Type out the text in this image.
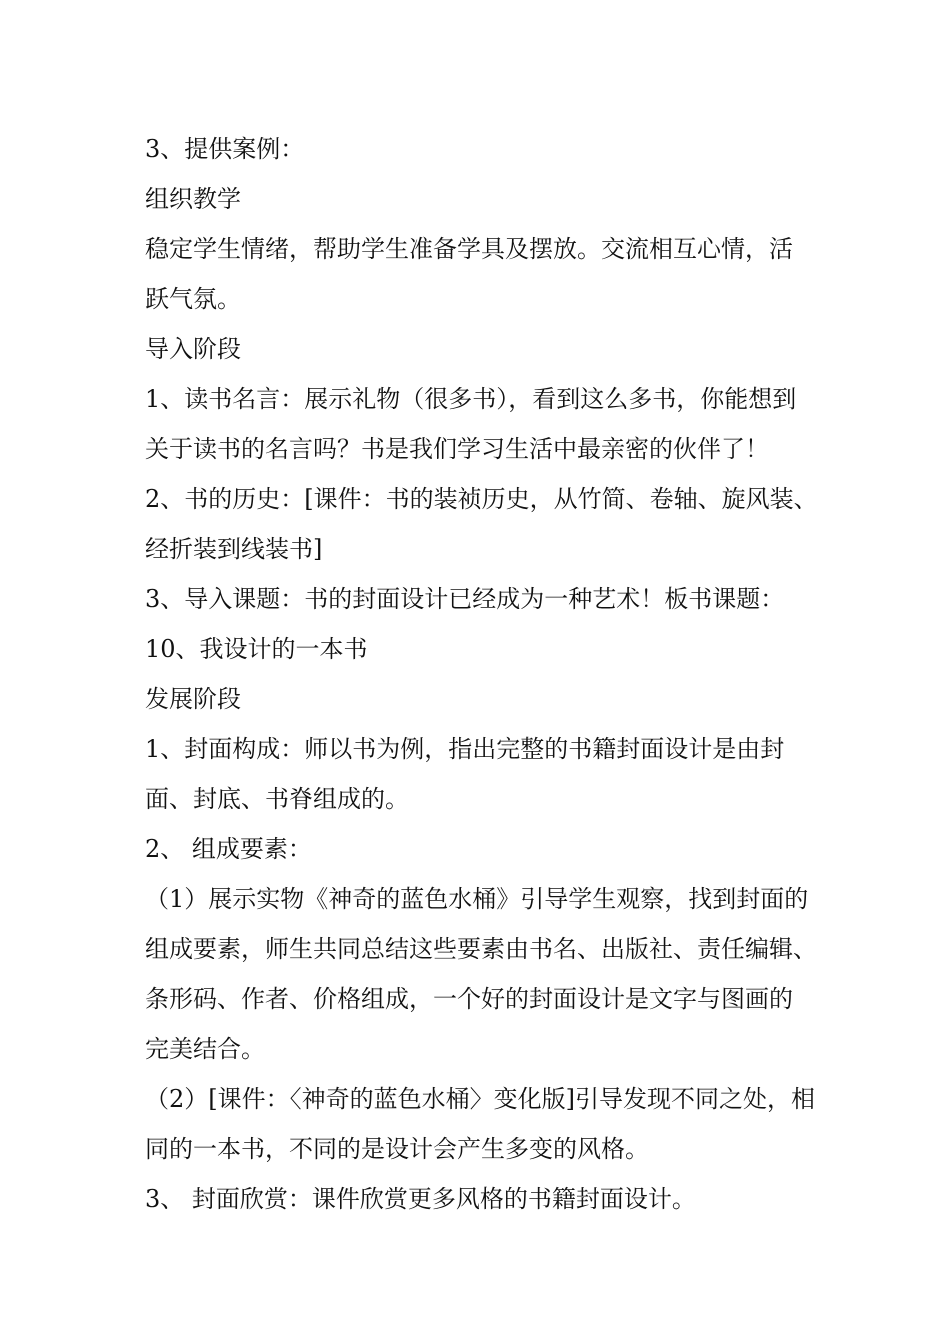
3、提供案例：
组织教学
稳定学生情绪，帮助学生准备学具及摆放。交流相互心情，活
跃气氛。
导入阶段
1、读书名言：展示礼物（很多书），看到这么多书，你能想到
关于读书的名言吗？书是我们学习生活中最亲密的伙伴了！
2、书的历史：[课件：书的装祯历史，从竹简、卷轴、旋风装、
经折装到线装书]
3、导入课题：书的封面设计已经成为一种艺术！板书课题：
10、我设计的一本书
发展阶段
1、封面构成：师以书为例，指出完整的书籍封面设计是由封
面、封底、书脊组成的。
2、 组成要素：
（1）展示实物《神奇的蓝色水桶》引导学生观察，找到封面的
组成要素，师生共同总结这些要素由书名、出版社、责任编辑、
条形码、作者、价格组成，一个好的封面设计是文字与图画的
完美结合。
（2）[课件：〈神奇的蓝色水桶〉变化版]引导发现不同之处，相
同的一本书，不同的是设计会产生多变的风格。
3、 封面欣赏：课件欣赏更多风格的书籍封面设计。
